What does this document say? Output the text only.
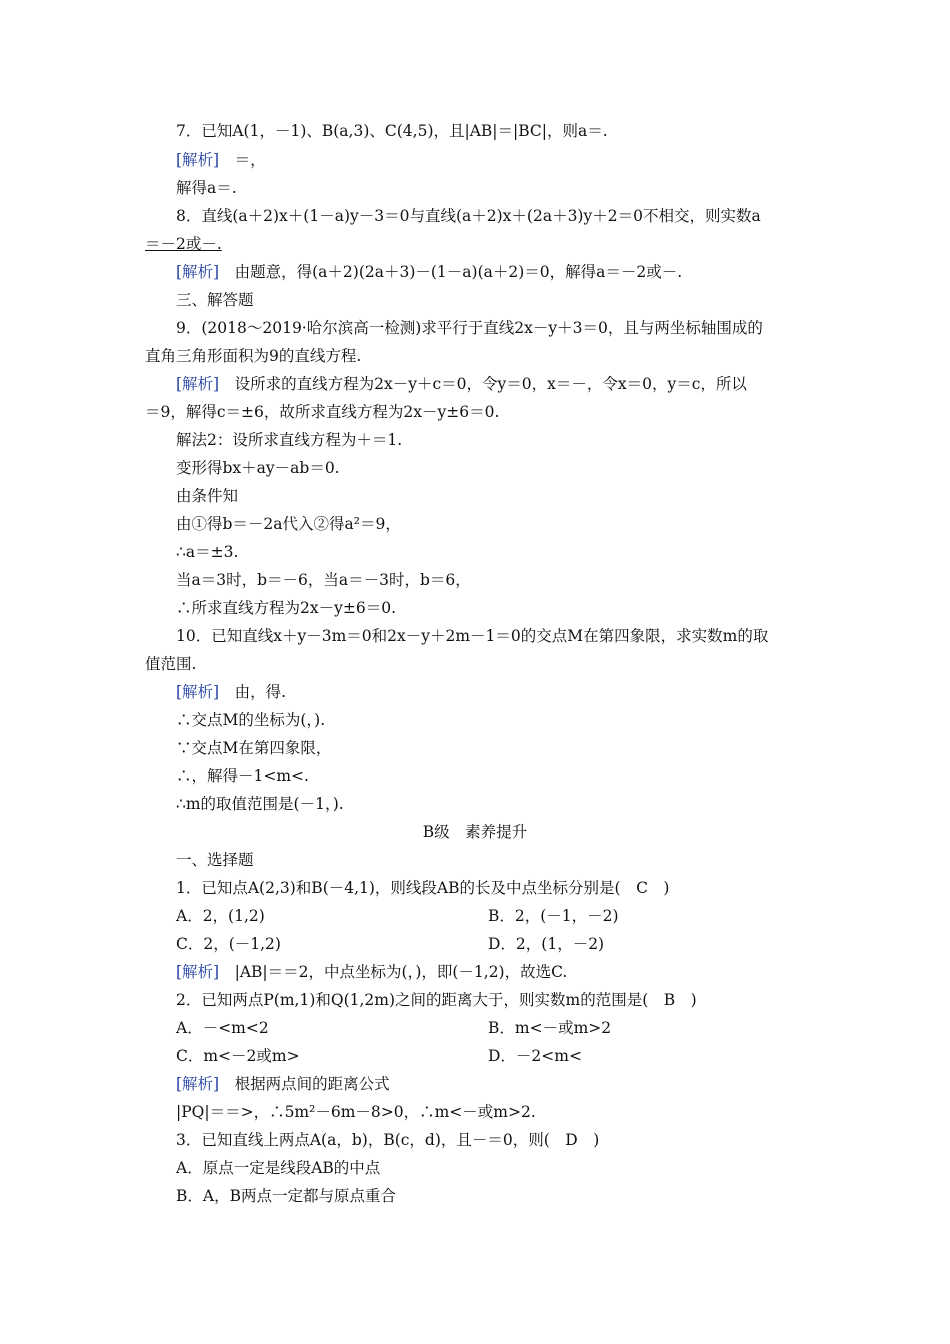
7．已知A(1，－1)、B(a,3)、C(4,5)，且|AB|＝|BC|，则a＝.
[解析]　 ＝，
解得a＝.
8．直线(a＋2)x＋(1－a)y－3＝0与直线(a＋2)x＋(2a＋3)y＋2＝0不相交，则实数a
＝－2或－.
[解析]　 由题意，得(a＋2)(2a＋3)－(1－a)(a＋2)＝0，解得a＝－2或－.
三、解答题
9．(2018～2019·哈尔滨高一检测)求平行于直线2x－y＋3＝0，且与两坐标轴围成的
直角三角形面积为9的直线方程.
[解析]　 设所求的直线方程为2x－y＋c＝0，令y＝0，x＝－，令x＝0，y＝c，所以
＝9，解得c＝±6，故所求直线方程为2x－y±6＝0.
解法2：设所求直线方程为＋＝1.
变形得bx＋ay－ab＝0.
由条件知
由①得b＝－2a代入②得a²＝9，
∴a＝±3.
当a＝3时，b＝－6，当a＝－3时，b＝6，
∴所求直线方程为2x－y±6＝0.
10．已知直线x＋y－3m＝0和2x－y＋2m－1＝0的交点M在第四象限，求实数m的取
值范围.
[解析]　 由，得.
∴交点M的坐标为(，).
∵交点M在第四象限，
∴，解得－1<m<.
∴m的取值范围是(－1，).
B级　素养提升
一、选择题
1．已知点A(2,3)和B(－4,1)，则线段AB的长及中点坐标分别是(　C　)
A．2，(1,2)	B．2，(－1，－2)
C．2，(－1,2)	D．2，(1，－2)
[解析]　 |AB|＝＝2，中点坐标为(，)，即(－1,2)，故选C.
2．已知两点P(m,1)和Q(1,2m)之间的距离大于，则实数m的范围是(　B　)
A．－<m<2	B．m<－或m>2
C．m<－2或m>	D．－2<m<
[解析]　 根据两点间的距离公式
|PQ|＝＝>，∴5m²－6m－8>0，∴m<－或m>2.
3．已知直线上两点A(a，b)，B(c，d)，且－＝0，则(　D　)
A．原点一定是线段AB的中点
B．A，B两点一定都与原点重合
